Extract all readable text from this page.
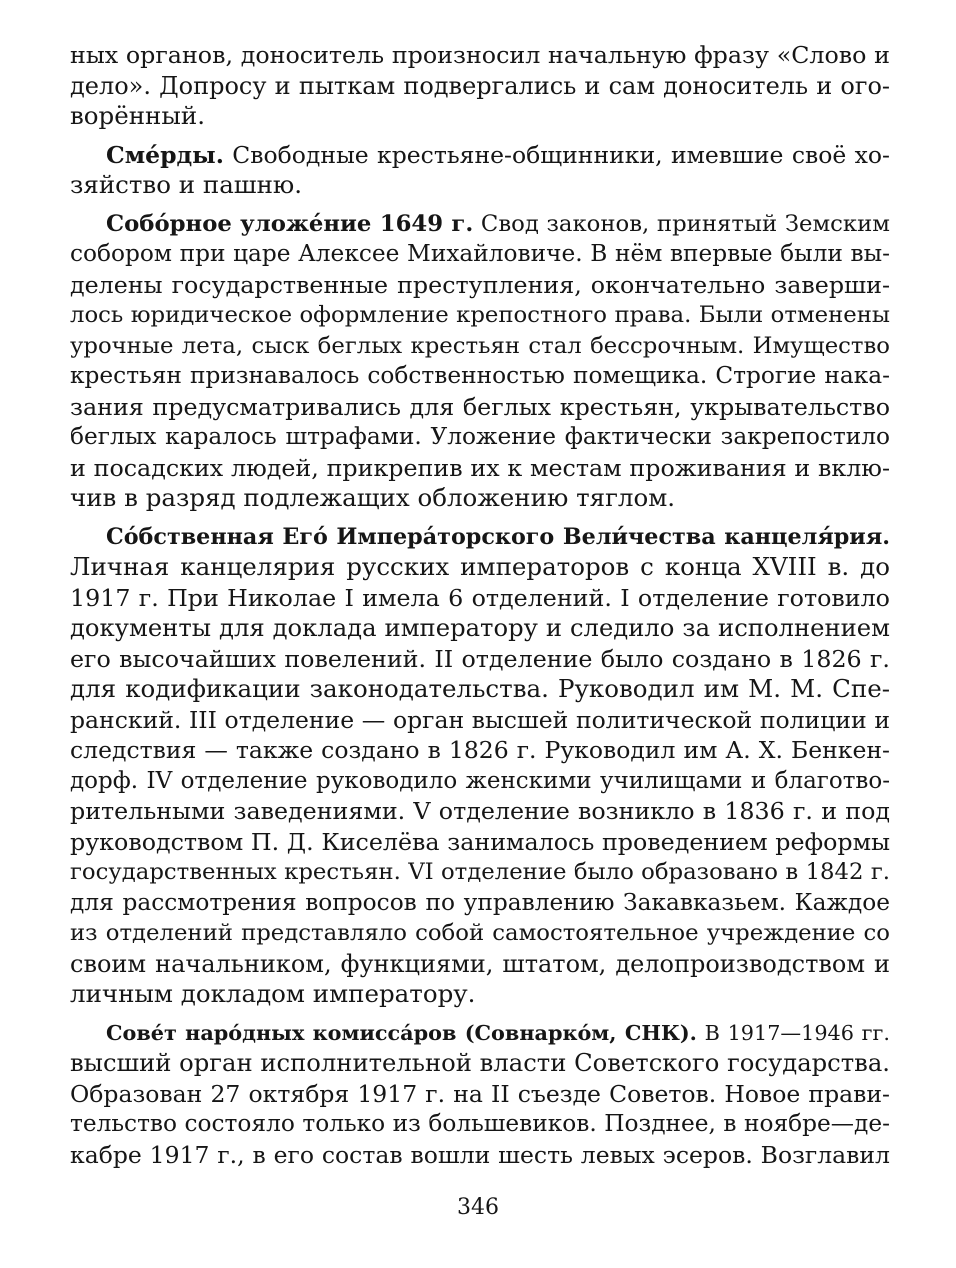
ных органов, доноситель произносил начальную фразу «Слово и
дело». Допросу и пыткам подвергались и сам доноситель и ого-
ворённый.
Сме́рды. Свободные крестьяне-общинники, имевшие своё хо-
зяйство и пашню.
Собо́рное уложе́ние 1649 г. Свод законов, принятый Земским
собором при царе Алексее Михайловиче. В нём впервые были вы-
делены государственные преступления, окончательно заверши-
лось юридическое оформление крепостного права. Были отменены
урочные лета, сыск беглых крестьян стал бессрочным. Имущество
крестьян признавалось собственностью помещика. Строгие нака-
зания предусматривались для беглых крестьян, укрывательство
беглых каралось штрафами. Уложение фактически закрепостило
и посадских людей, прикрепив их к местам проживания и вклю-
чив в разряд подлежащих обложению тяглом.
Со́бственная Его́ Импера́торского Вели́чества канцеля́рия.
Личная канцелярия русских императоров с конца XVIII в. до
1917 г. При Николае I имела 6 отделений. I отделение готовило
документы для доклада императору и следило за исполнением
его высочайших повелений. II отделение было создано в 1826 г.
для кодификации законодательства. Руководил им М. М. Спе-
ранский. III отделение — орган высшей политической полиции и
следствия — также создано в 1826 г. Руководил им А. Х. Бенкен-
дорф. IV отделение руководило женскими училищами и благотво-
рительными заведениями. V отделение возникло в 1836 г. и под
руководством П. Д. Киселёва занималось проведением реформы
государственных крестьян. VI отделение было образовано в 1842 г.
для рассмотрения вопросов по управлению Закавказьем. Каждое
из отделений представляло собой самостоятельное учреждение со
своим начальником, функциями, штатом, делопроизводством и
личным докладом императору.
Сове́т наро́дных комисса́ров (Совнарко́м, СНК). В 1917—1946 гг.
высший орган исполнительной власти Советского государства.
Образован 27 октября 1917 г. на II съезде Советов. Новое прави-
тельство состояло только из большевиков. Позднее, в ноябре—де-
кабре 1917 г., в его состав вошли шесть левых эсеров. Возглавил
346
